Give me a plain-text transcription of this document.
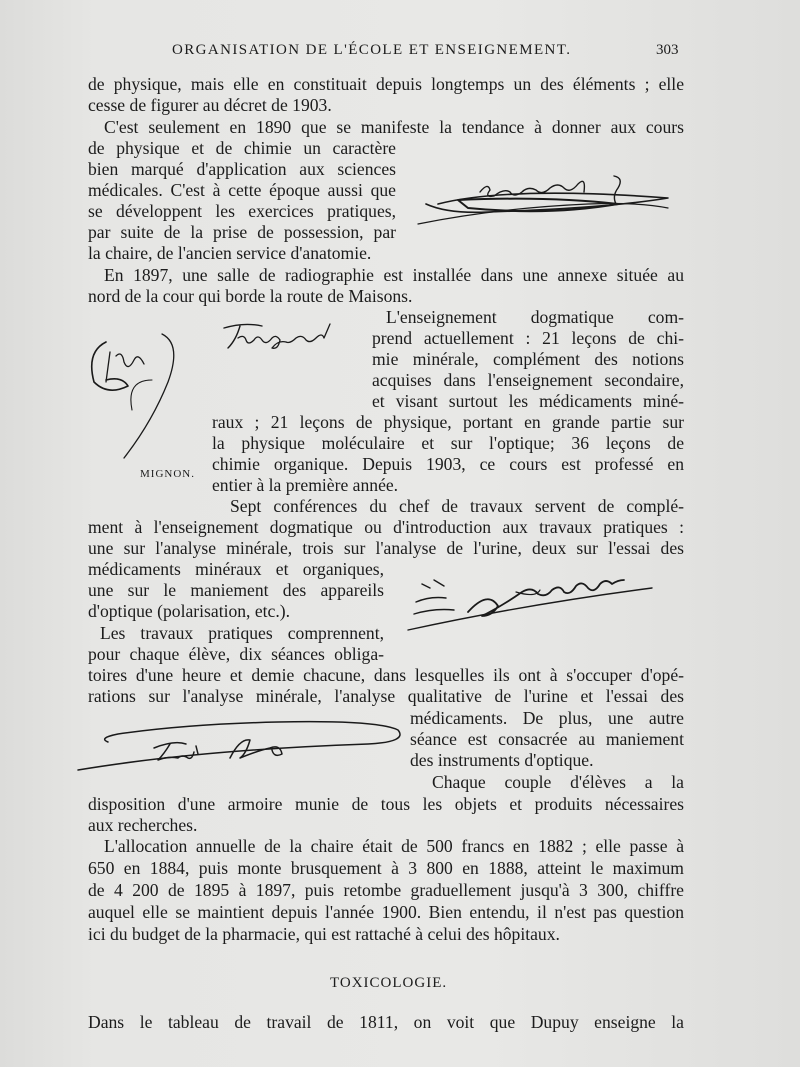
ORGANISATION DE L'ÉCOLE ET ENSEIGNEMENT.	303
de physique, mais elle en constituait depuis longtemps un des éléments ; elle
cesse de figurer au décret de 1903.
C'est seulement en 1890 que se manifeste la tendance à donner aux cours
de physique et de chimie un caractère
bien marqué d'application aux sciences
médicales. C'est à cette époque aussi que
se développent les exercices pratiques,
par suite de la prise de possession, par
la chaire, de l'ancien service d'anatomie.
En 1897, une salle de radiographie est installée dans une annexe située au
nord de la cour qui borde la route de Maisons.
L'enseignement dogmatique com-
prend actuellement : 21 leçons de chi-
mie minérale, complément des notions
acquises dans l'enseignement secondaire,
et visant surtout les médicaments miné-
raux ; 21 leçons de physique, portant en grande partie sur
la physique moléculaire et sur l'optique; 36 leçons de
chimie organique. Depuis 1903, ce cours est professé en
entier à la première année.
Sept conférences du chef de travaux servent de complé-
ment à l'enseignement dogmatique ou d'introduction aux travaux pratiques :
une sur l'analyse minérale, trois sur l'analyse de l'urine, deux sur l'essai des
médicaments minéraux et organiques,
une sur le maniement des appareils
d'optique (polarisation, etc.).
Les travaux pratiques comprennent,
pour chaque élève, dix séances obliga-
toires d'une heure et demie chacune, dans lesquelles ils ont à s'occuper d'opé-
rations sur l'analyse minérale, l'analyse qualitative de l'urine et l'essai des
médicaments. De plus, une autre
séance est consacrée au maniement
des instruments d'optique.
Chaque couple d'élèves a la
disposition d'une armoire munie de tous les objets et produits nécessaires
aux recherches.
L'allocation annuelle de la chaire était de 500 francs en 1882 ; elle passe à
650 en 1884, puis monte brusquement à 3 800 en 1888, atteint le maximum
de 4 200 de 1895 à 1897, puis retombe graduellement jusqu'à 3 300, chiffre
auquel elle se maintient depuis l'année 1900. Bien entendu, il n'est pas question
ici du budget de la pharmacie, qui est rattaché à celui des hôpitaux.
TOXICOLOGIE.
Dans le tableau de travail de 1811, on voit que Dupuy enseigne la
MIGNON.
